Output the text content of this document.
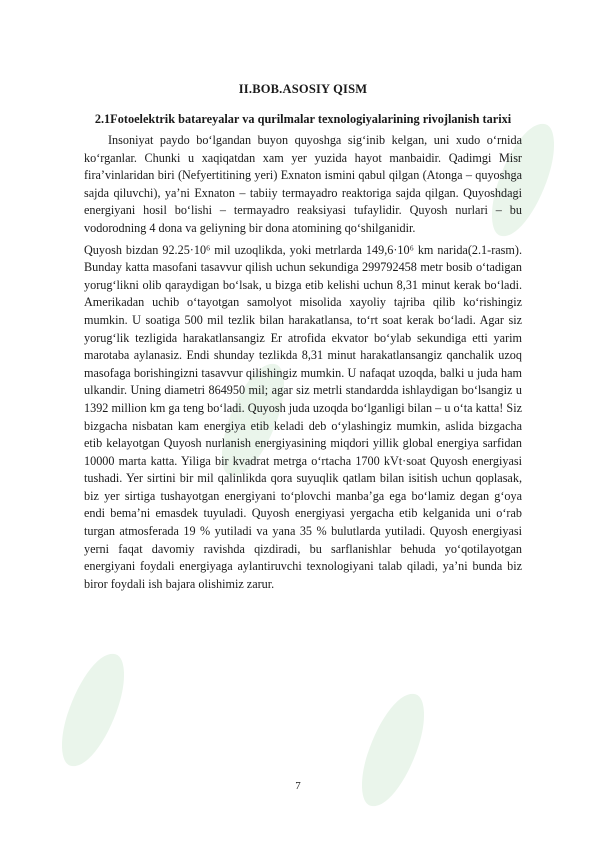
II.BOB.ASOSIY QISM
2.1Fotoelektrik batareyalar va qurilmalar texnologiyalarining rivojlanish tarixi

Insoniyat paydo bo‘lgandan buyon quyoshga sig‘inib kelgan, uni xudo o‘rnida ko‘rganlar. Chunki u xaqiqatdan xam yer yuzida hayot manbaidir. Qadimgi Misr fira’vinlaridan biri (Nefyertitining yeri) Exnaton ismini qabul qilgan (Atonga – quyoshga sajda qiluvchi), ya’ni Exnaton – tabiiy termayadro reaktoriga sajda qilgan. Quyoshdagi energiyani hosil bo‘lishi – termayadro reaksiyasi tufaylidir. Quyosh nurlari – bu vodorodning 4 dona va geliyning bir dona atomining qo‘shilganidir.

Quyosh bizdan 92.25·10⁶ mil uzoqlikda, yoki metrlarda 149,6·10⁶ km narida(2.1-rasm). Bunday katta masofani tasavvur qilish uchun sekundiga 299792458 metr bosib o‘tadigan yorug‘likni olib qaraydigan bo‘lsak, u bizga etib kelishi uchun 8,31 minut kerak bo‘ladi. Amerikadan uchib o‘tayotgan samolyot misolida xayoliy tajriba qilib ko‘rishingiz mumkin. U soatiga 500 mil tezlik bilan harakatlansa, to‘rt soat kerak bo‘ladi. Agar siz yorug‘lik tezligida harakatlansangiz Er atrofida ekvator bo‘ylab sekundiga etti yarim marotaba aylanasiz. Endi shunday tezlikda 8,31 minut harakatlansangiz qanchalik uzoq masofaga borishingizni tasavvur qilishingiz mumkin. U nafaqat uzoqda, balki u juda ham ulkandir. Uning diametri 864950 mil; agar siz metrli standardda ishlaydigan bo‘lsangiz u 1392 million km ga teng bo‘ladi. Quyosh juda uzoqda bo‘lganligi bilan – u o‘ta katta! Siz bizgacha nisbatan kam energiya etib keladi deb o‘ylashingiz mumkin, aslida bizgacha etib kelayotgan Quyosh nurlanish energiyasining miqdori yillik global energiya sarfidan 10000 marta katta. Yiliga bir kvadrat metrga o‘rtacha 1700 kVt·soat Quyosh energiyasi tushadi. Yer sirtini bir mil qalinlikda qora suyuqlik qatlam bilan isitish uchun qoplasak, biz yer sirtiga tushayotgan energiyani to‘plovchi manba’ga ega bo‘lamiz degan g‘oya endi bema’ni emasdek tuyuladi. Quyosh energiyasi yergacha etib kelganida uni o‘rab turgan atmosferada 19 % yutiladi va yana 35 % bulutlarda yutiladi. Quyosh energiyasi yerni faqat davomiy ravishda qizdiradi, bu sarflanishlar behuda yo‘qotilayotgan energiyani foydali energiyaga aylantiruvchi texnologiyani talab qiladi, ya’ni bunda biz biror foydali ish bajara olishimiz zarur.

7
